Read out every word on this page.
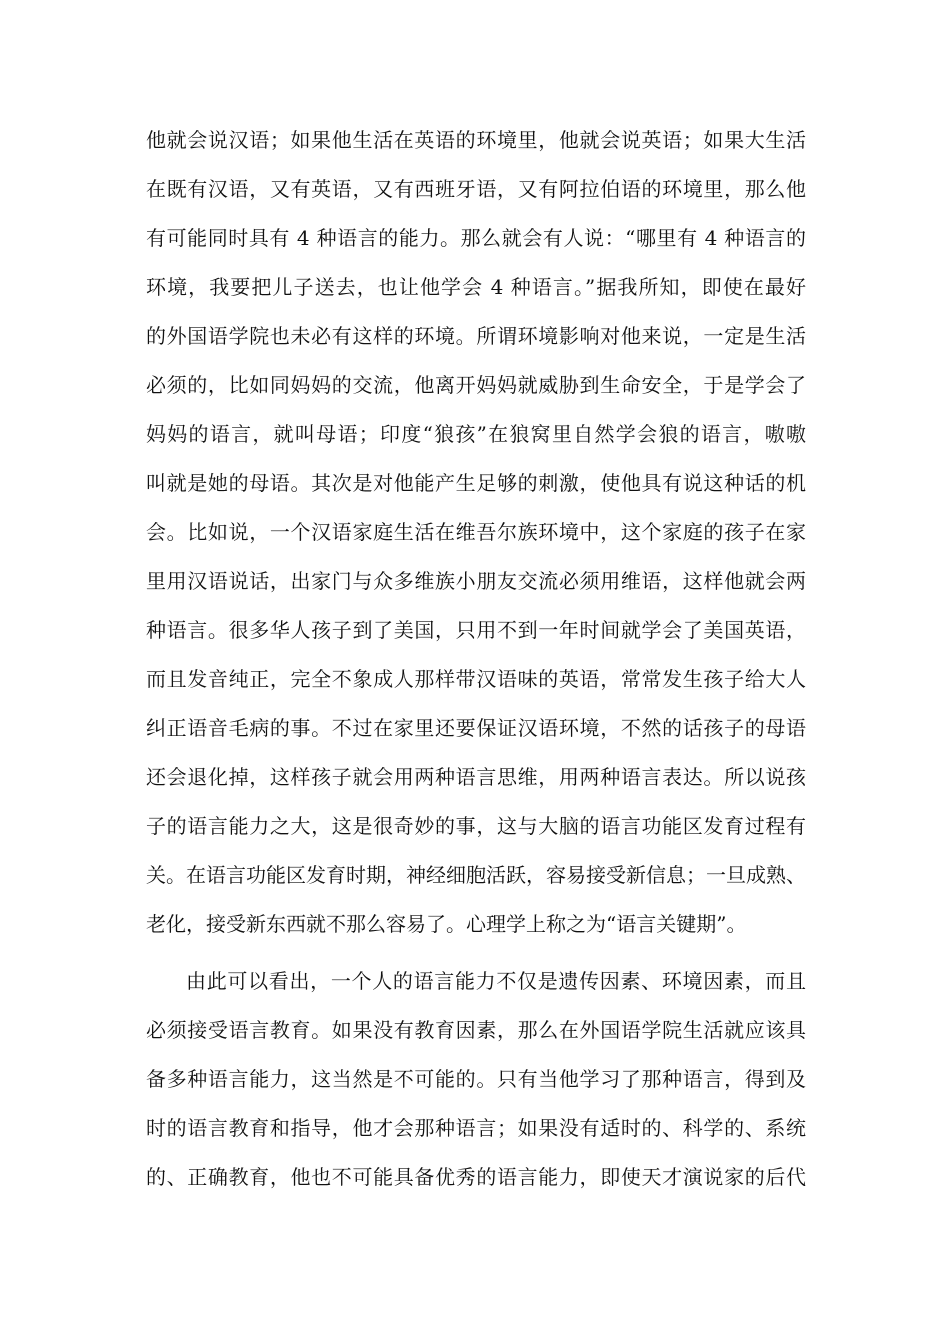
他就会说汉语；如果他生活在英语的环境里，他就会说英语；如果大生活
在既有汉语，又有英语，又有西班牙语，又有阿拉伯语的环境里，那么他
有可能同时具有 4 种语言的能力。那么就会有人说：“哪里有 4 种语言的
环境，我要把儿子送去，也让他学会 4 种语言。”据我所知，即使在最好
的外国语学院也未必有这样的环境。所谓环境影响对他来说，一定是生活
必须的，比如同妈妈的交流，他离开妈妈就威胁到生命安全，于是学会了
妈妈的语言，就叫母语；印度“狼孩”在狼窝里自然学会狼的语言，嗷嗷
叫就是她的母语。其次是对他能产生足够的刺激，使他具有说这种话的机
会。比如说，一个汉语家庭生活在维吾尔族环境中，这个家庭的孩子在家
里用汉语说话，出家门与众多维族小朋友交流必须用维语，这样他就会两
种语言。很多华人孩子到了美国，只用不到一年时间就学会了美国英语，
而且发音纯正，完全不象成人那样带汉语味的英语，常常发生孩子给大人
纠正语音毛病的事。不过在家里还要保证汉语环境，不然的话孩子的母语
还会退化掉，这样孩子就会用两种语言思维，用两种语言表达。所以说孩
子的语言能力之大，这是很奇妙的事，这与大脑的语言功能区发育过程有
关。在语言功能区发育时期，神经细胞活跃，容易接受新信息；一旦成熟、
老化，接受新东西就不那么容易了。心理学上称之为“语言关键期”。
由此可以看出，一个人的语言能力不仅是遗传因素、环境因素，而且
必须接受语言教育。如果没有教育因素，那么在外国语学院生活就应该具
备多种语言能力，这当然是不可能的。只有当他学习了那种语言，得到及
时的语言教育和指导，他才会那种语言；如果没有适时的、科学的、系统
的、正确教育，他也不可能具备优秀的语言能力，即使天才演说家的后代
